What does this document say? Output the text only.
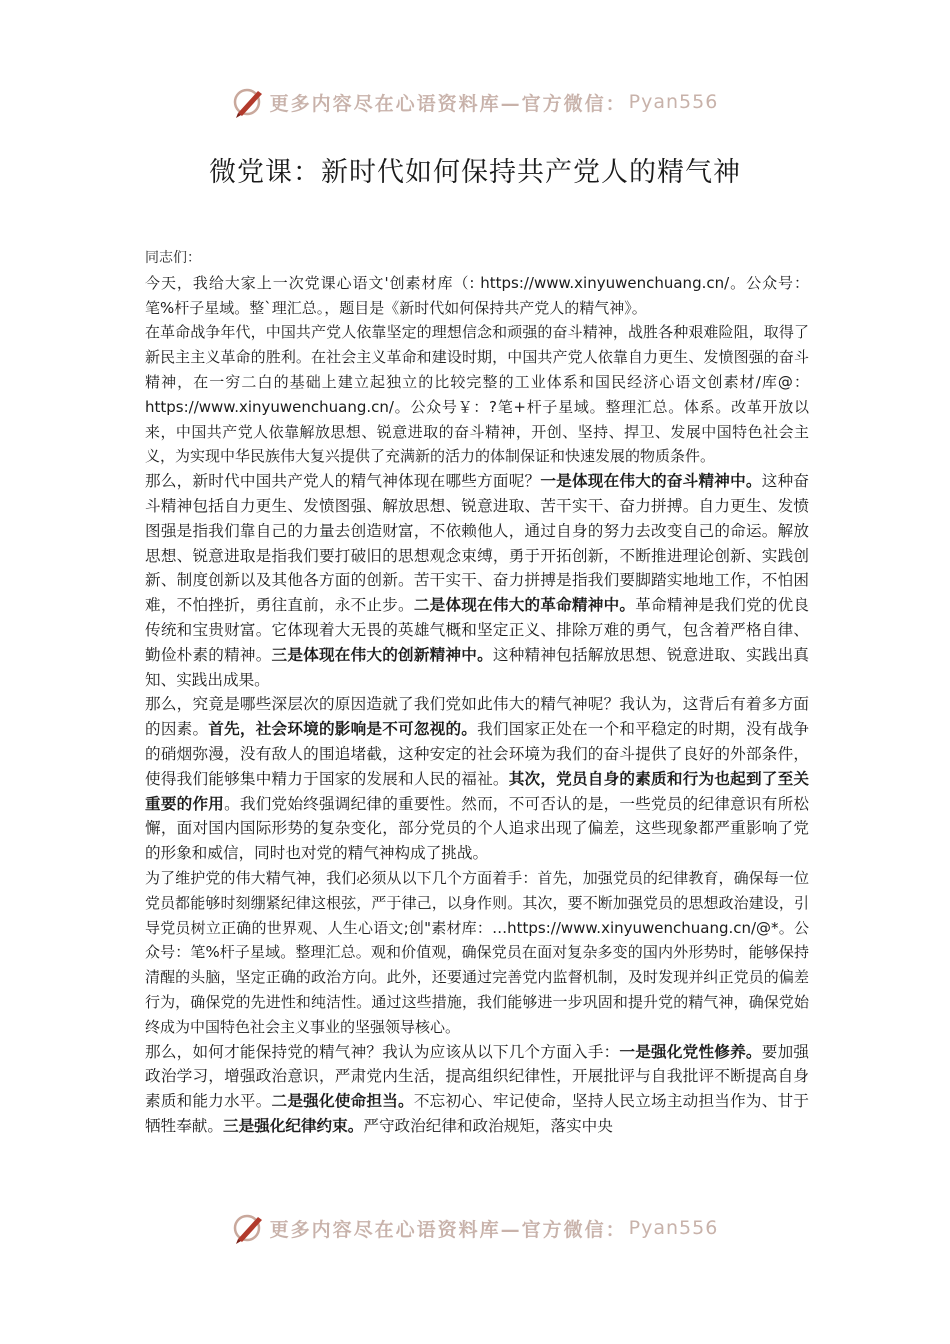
更多内容尽在心语资料库—官方微信： Pyan556
微党课：新时代如何保持共产党人的精气神

同志们：

今天，我给大家上一次党课心语文'创素材库（: https://www.xinyuwenchuang.cn/。公众号：笔%杆子星域。整`理汇总。，题目是《新时代如何保持共产党人的精气神》。

在革命战争年代，中国共产党人依靠坚定的理想信念和顽强的奋斗精神，战胜各种艰难险阻，取得了新民主主义革命的胜利。在社会主义革命和建设时期，中国共产党人依靠自力更生、发愤图强的奋斗精神，在一穷二白的基础上建立起独立的比较完整的工业体系和国民经济心语文创素材/库@：https://www.xinyuwenchuang.cn/。公众号￥：?笔+杆子星域。整理汇总。体系。改革开放以来，中国共产党人依靠解放思想、锐意进取的奋斗精神，开创、坚持、捍卫、发展中国特色社会主义，为实现中华民族伟大复兴提供了充满新的活力的体制保证和快速发展的物质条件。

那么，新时代中国共产党人的精气神体现在哪些方面呢？一是体现在伟大的奋斗精神中。这种奋斗精神包括自力更生、发愤图强、解放思想、锐意进取、苦干实干、奋力拼搏。自力更生、发愤图强是指我们靠自己的力量去创造财富，不依赖他人，通过自身的努力去改变自己的命运。解放思想、锐意进取是指我们要打破旧的思想观念束缚，勇于开拓创新，不断推进理论创新、实践创新、制度创新以及其他各方面的创新。苦干实干、奋力拼搏是指我们要脚踏实地地工作，不怕困难，不怕挫折，勇往直前，永不止步。二是体现在伟大的革命精神中。革命精神是我们党的优良传统和宝贵财富。它体现着大无畏的英雄气概和坚定正义、排除万难的勇气，包含着严格自律、勤俭朴素的精神。三是体现在伟大的创新精神中。这种精神包括解放思想、锐意进取、实践出真知、实践出成果。

那么，究竟是哪些深层次的原因造就了我们党如此伟大的精气神呢？我认为，这背后有着多方面的因素。首先，社会环境的影响是不可忽视的。我们国家正处在一个和平稳定的时期，没有战争的硝烟弥漫，没有敌人的围追堵截，这种安定的社会环境为我们的奋斗提供了良好的外部条件，使得我们能够集中精力于国家的发展和人民的福祉。其次，党员自身的素质和行为也起到了至关重要的作用。我们党始终强调纪律的重要性。然而，不可否认的是，一些党员的纪律意识有所松懈，面对国内国际形势的复杂变化，部分党员的个人追求出现了偏差，这些现象都严重影响了党的形象和威信，同时也对党的精气神构成了挑战。

为了维护党的伟大精气神，我们必须从以下几个方面着手：首先，加强党员的纪律教育，确保每一位党员都能够时刻绷紧纪律这根弦，严于律己，以身作则。其次，要不断加强党员的思想政治建设，引导党员树立正确的世界观、人生心语文;创"素材库：…https://www.xinyuwenchuang.cn/@*。公众号：笔%杆子星域。整理汇总。观和价值观，确保党员在面对复杂多变的国内外形势时，能够保持清醒的头脑，坚定正确的政治方向。此外，还要通过完善党内监督机制，及时发现并纠正党员的偏差行为，确保党的先进性和纯洁性。通过这些措施，我们能够进一步巩固和提升党的精气神，确保党始终成为中国特色社会主义事业的坚强领导核心。

那么，如何才能保持党的精气神？我认为应该从以下几个方面入手：一是强化党性修养。要加强政治学习，增强政治意识，严肃党内生活，提高组织纪律性，开展批评与自我批评不断提高自身素质和能力水平。二是强化使命担当。不忘初心、牢记使命，坚持人民立场主动担当作为、甘于牺牲奉献。三是强化纪律约束。严守政治纪律和政治规矩，落实中央

更多内容尽在心语资料库—官方微信： Pyan556
